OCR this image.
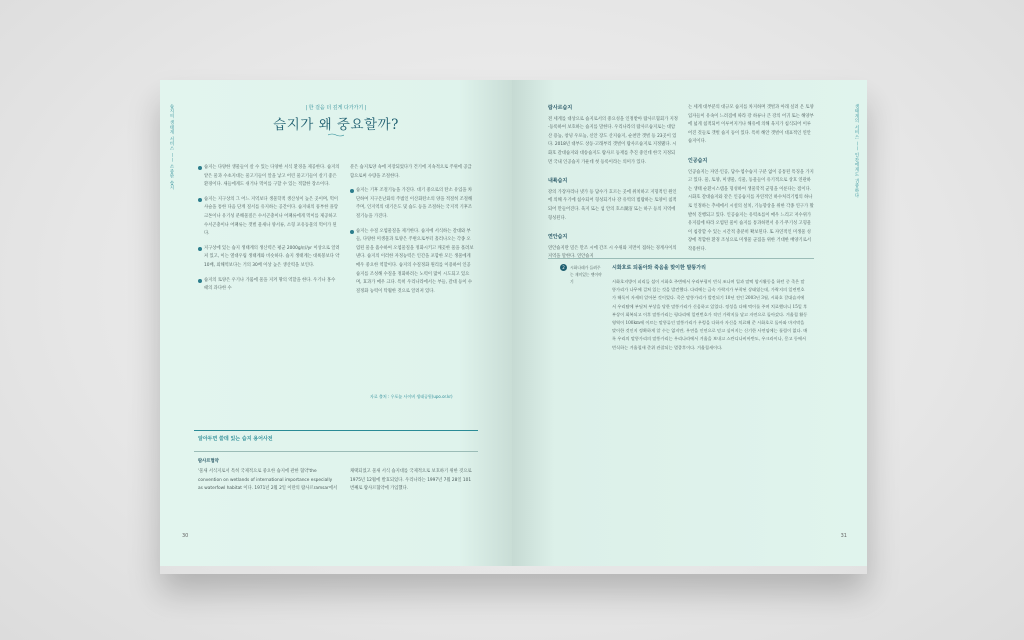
습지의 생태계 서비스 —— 소중한 습지	| 한 걸음 더 깊게 다가가기 |
습지가 왜 중요할까?
습지는 다양한 생물들이 살 수 있는 다양한 서식 환경을 제공한다. 습지의 얕은 물과 수초지대는 물고기들이 알을 낳고 어린 물고기들이 살기 좋은 환경이다. 새들에게도 쉬거나 먹이를 구할 수 있는 적합한 장소이다.
습지는 지구상의 그 어느 지역보다 생물학적 생산성이 높은 곳이며, 먹이사슬을 통한 다음 단계 질서를 유지하는 공간이다. 습지내의 풍부한 플랑크톤이나 유기성 분해물질은 수서곤충이나 어패류에게 먹이를 제공하고 수서곤충이나 어패류는 갯벌 물새나 양서류, 소형 포유동물의 먹이가 된다.
지구상에 있는 습지 생태계의 생산력은 평균 2000g/㎡/yr 이상으로 알려져 있고, 이는 열대우림 생태계와 비슷하다. 습지 생태계는 대륙붕보다 약 10배, 외해역보다는 거의 30배 이상 높은 생산력을 보인다.
습지의 토양은 우기나 가뭄에 물을 지켜 땅의 역할을 한다. 우기나 홍수 때의 과다한 수
분은 습지토양 속에 저장되었다가 건기에 지속적으로 주위에 공급함으로써 수량을 조절한다.
습지는 기후 조절기능을 가진다. 대기 중으로의 탄소 유입을 차단하여 지구온난화의 주범인 이산화탄소의 양을 적절히 조절해주며, 인지역의 대기온도 및 습도 등을 조절하는 국지적 기후조절기능을 가진다.
습지는 수질 오염물질을 제거한다. 습지에 서식하는 갈대와 부들, 다양한 미생물과 토양은 주변으로부터 흘러나오는 각종 오염된 물을 흡수하여 오염물질을 정화시키고 깨끗한 물을 흘려보낸다. 습지의 이러한 자정능력은 인간을 포함한 모든 생물에게 매우 중요한 역할이다. 습지의 수질정화 원리를 이용하여 인공습지를 조성해 수질을 정화하려는 노력이 많이 시도되고 있으며, 효과가 매우 크다. 특히 우리나라에서는 부들, 갈대 등이 수질정화 능력이 탁월한 것으로 알려져 있다.
자료 출처 : 우포늪 사이버 생태공원(upo.or.kr)
알아두면 쓸데 있는 습지 용어사전
람사르협약
'물새 서식지로서 특히 국제적으로 중요한 습지에 관한 협약'the convention on wetlands of international importance especially as waterfowl habitat 이다. 1971년 2월 2일 이란의 람사르ramsar에서
채택되었고 물새 서식 습지대를 국제적으로 보호하기 위한 것으로 1975년 12월에 발효되었다. 우리나라는 1997년 7월 28일 101번째로 람사르협약에 가입했다.
30
생태계의 서비스 —— 인간에게도 귀중하다
람사르습지
전 세계를 대상으로 습지로서의 중요성을 인정받아 람사르협회가 지정·등록하여 보호하는 습지를 말한다. 우리나라의 람사르습지로는 대암산 용늪, 창녕 우포늪, 신안 장도 산지습지, 순천만 갯벌 등 23곳이 있다. 2018년 대부도 상동·고래부리 갯벌이 람사르습지로 지정됐다. 시화호 갈대습지와 대송습지도 람사르 등재를 추진 중인데 한국 지정되면 국내 인공습지 가운데 첫 등록이라는 의미가 있다.
내륙습지
강의 가장자리나 냇가 등 담수가 흐르는 곳에 위치하고 지형적인 원인에 의해 우기에 침수되어 형성되거나 강 유역의 범람하는 토양이 침적되어 만들어진다. 육지 또는 섬 안의 호소湖沼 또는 하구 등의 지역에 형성된다.
연안습지
연안습지란 밀은 만조 시에 간조 시 수위와 지면이 접하는 경계사이의 지역을 말한다. 연안습지
는 세계 대부분의 대규모 습지를 차지하며 갯벌과 아래 실려 온 토양 입자들이 유속이 느려짐에 따라 강 하류나 큰 강의 어귀 또는 해양부에 넓게 침적되어 이루어지거나 해유에 의해 육지가 침식되어 이루어진 것들로 갯벌 습지 등이 있다. 특히 해안 갯벌이 대표적인 연안습지이다.
인공습지
인공습지는 자연·인공, 담수·염수습지 구분 없이 공통된 특징을 가지고 있다. 물, 토양, 미생물, 식물, 동물들이 유기적으로 상호 연관하는 생태 순환시스템을 형성하여 생물학적 균형을 이룬다는 점이다. 시화호 갈대습지와 같은 인공습지를 자연적인 하수처리기법의 하나로 인정하는 추세에서 시설의 설치, 기능향상을 위한 각종 연구가 활발히 진행되고 있다. 인공습지는 유력초를이 매우 느리고 저수위가 유지됨에 따라 오염된 물이 습지를 통과하면서 유기·무기성 고형물이 침강할 수 있는 시간적 충분히 확보된다. 또 자연적인 미생물 성장에 적합한 환경 조성으로 미생물 군집을 위한 거대한 배양기로서 작용한다.
2	시화나래가 들려주는 재미있는 옛이야기
시화호로 되돌아와 죽음을 맞이한 말뚱가리
시화호지방이 피리들 섬이 시화호 주변에서 우리부평이 빈식 조나며 입과 말떡 암시활동을 하던 중 죽은 말뚱가리가 나무에 걸쳐 있는 것을 발견했다. 다리에는 금속 가락지가 부착된 상태였는데, 가락지의 일련번호가 해독이 자세히 알아본 것이었다. 죽은 말뚱가리가 발견되기 10년 전인 2003년 3월, 시화호 갈대습지에서 우리탐에 부딪쳐 부상을 당한 말뚱가리가 신음하고 있었다. 정성을 다해 먹이를 주며 치료했더니 15일 후 부상이 회복되고 이후 말뚱가리는 평다리에 일련번호가 적인 가락지를 달고 자연으로 돌아갔다. 겨울철 활동영역이 100km에 이르는 말뚱류인 말뚱가리가 우렁을 다하자 자신을 치료해 준 시화호로 돌아와 마지막을 맞이한 것인지 정확하게 알 수는 없지만, 우연을 인연으로 믿고 싶어지는 신기한 사연임에는 틀림이 없다. 매록 우리의 말뚱가리의 말뚱가리는 우리나라에서 겨울을 보내고 스란디나비아반도, 우크라이나, 몽고 등에서 번식하는 겨울철새 준위 관찰되는 멸종후이다. 겨울철새이다.
31
